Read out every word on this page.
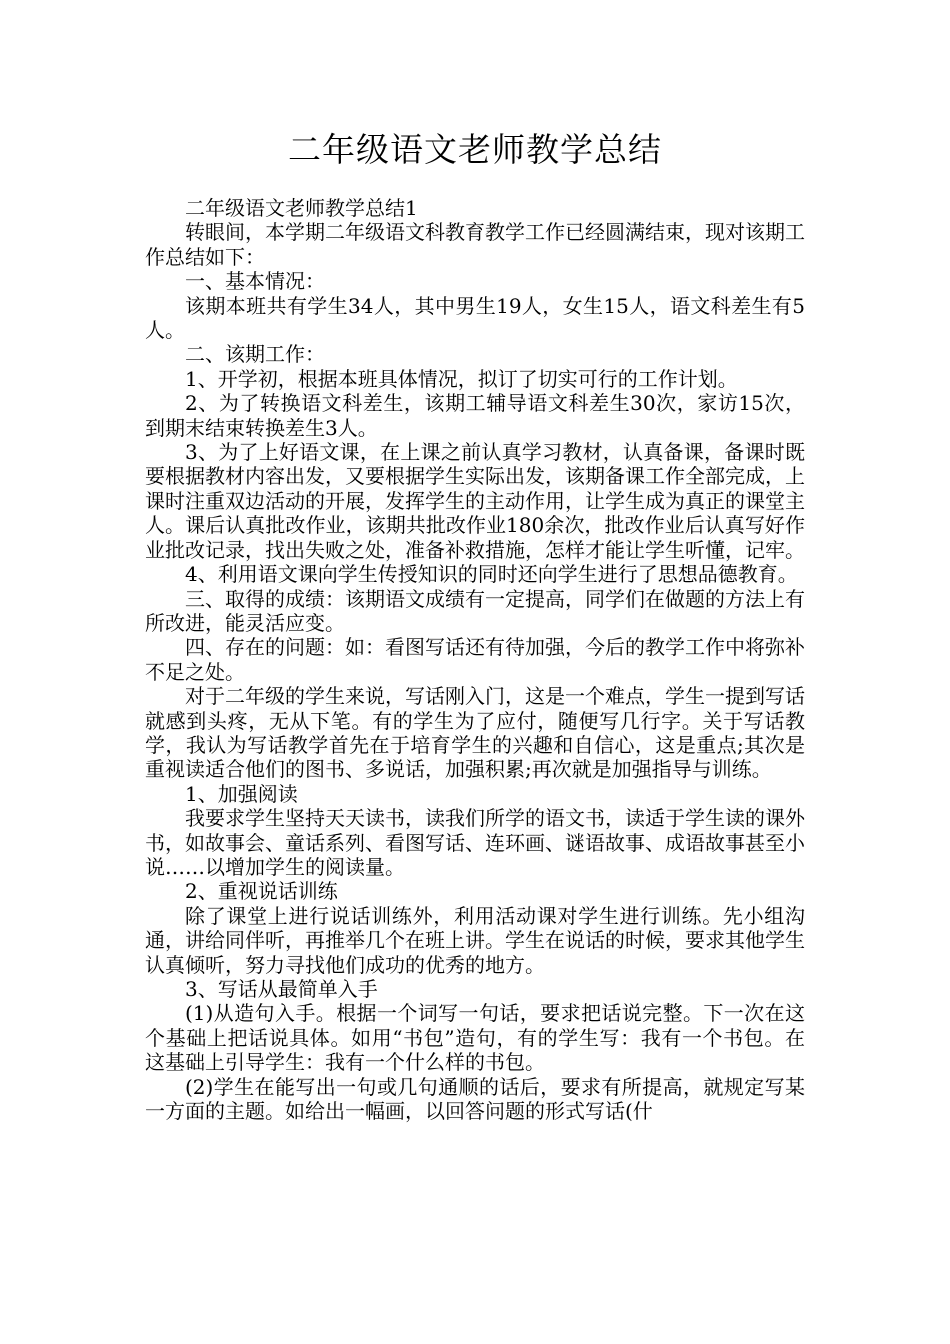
二年级语文老师教学总结

二年级语文老师教学总结1

转眼间，本学期二年级语文科教育教学工作已经圆满结束，现对该期工作总结如下：

一、基本情况：

该期本班共有学生34人，其中男生19人，女生15人，语文科差生有5人。

二、该期工作：

1、开学初，根据本班具体情况，拟订了切实可行的工作计划。

2、为了转换语文科差生，该期工辅导语文科差生30次，家访15次，到期末结束转换差生3人。

3、为了上好语文课，在上课之前认真学习教材，认真备课，备课时既要根据教材内容出发，又要根据学生实际出发，该期备课工作全部完成，上课时注重双边活动的开展，发挥学生的主动作用，让学生成为真正的课堂主人。课后认真批改作业，该期共批改作业180余次，批改作业后认真写好作业批改记录，找出失败之处，准备补救措施，怎样才能让学生听懂，记牢。

4、利用语文课向学生传授知识的同时还向学生进行了思想品德教育。

三、取得的成绩：该期语文成绩有一定提高，同学们在做题的方法上有所改进，能灵活应变。

四、存在的问题：如：看图写话还有待加强，今后的教学工作中将弥补不足之处。

对于二年级的学生来说，写话刚入门，这是一个难点，学生一提到写话就感到头疼，无从下笔。有的学生为了应付，随便写几行字。关于写话教学，我认为写话教学首先在于培育学生的兴趣和自信心，这是重点;其次是重视读适合他们的图书、多说话，加强积累;再次就是加强指导与训练。

1、加强阅读

我要求学生坚持天天读书，读我们所学的语文书，读适于学生读的课外书，如故事会、童话系列、看图写话、连环画、谜语故事、成语故事甚至小说……以增加学生的阅读量。

2、重视说话训练

除了课堂上进行说话训练外，利用活动课对学生进行训练。先小组沟通，讲给同伴听，再推举几个在班上讲。学生在说话的时候，要求其他学生认真倾听，努力寻找他们成功的优秀的地方。

3、写话从最简单入手

(1)从造句入手。根据一个词写一句话，要求把话说完整。下一次在这个基础上把话说具体。如用“书包”造句，有的学生写：我有一个书包。在这基础上引导学生：我有一个什么样的书包。

(2)学生在能写出一句或几句通顺的话后，要求有所提高，就规定写某一方面的主题。如给出一幅画，以回答问题的形式写话(什
